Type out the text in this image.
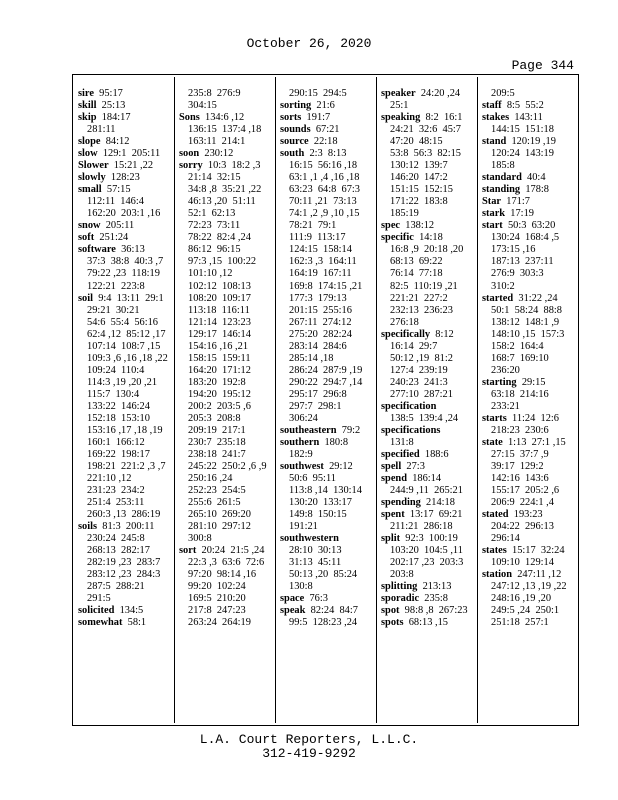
October 26, 2020
Page 344
sire  95:17
skill  25:13
skip  184:17
281:11
slope  84:12
slow  129:1  205:11
Slower  15:21 ,22
slowly  128:23
small  57:15
112:11  146:4
162:20  203:1 ,16
snow  205:11
soft  251:24
software  36:13
37:3  38:8  40:3 ,7
79:22 ,23  118:19
122:21  223:8
soil  9:4  13:11  29:1
29:21  30:21
54:6  55:4  56:16
62:4 ,12  85:12 ,17
107:14  108:7 ,15
109:3 ,6 ,16 ,18 ,22
109:24  110:4
114:3 ,19 ,20 ,21
115:7  130:4
133:22  146:24
152:18  153:10
153:16 ,17 ,18 ,19
160:1  166:12
169:22  198:17
198:21  221:2 ,3 ,7
221:10 ,12
231:23  234:2
251:4  253:11
260:3 ,13  286:19
soils  81:3  200:11
230:24  245:8
268:13  282:17
282:19 ,23  283:7
283:12 ,23  284:3
287:5  288:21
291:5
solicited  134:5
somewhat  58:1
235:8  276:9
304:15
Sons  134:6 ,12
136:15  137:4 ,18
163:11  214:1
soon  230:12
sorry  10:3  18:2 ,3
21:14  32:15
34:8 ,8  35:21 ,22
46:13 ,20  51:11
52:1  62:13
72:23  73:11
78:22  82:4 ,24
86:12  96:15
97:3 ,15  100:22
101:10 ,12
102:12  108:13
108:20  109:17
113:18  116:11
121:14  123:23
129:17  146:14
154:16 ,16 ,21
158:15  159:11
164:20  171:12
183:20  192:8
194:20  195:12
200:2  203:5 ,6
205:3  208:8
209:19  217:1
230:7  235:18
238:18  241:7
245:22  250:2 ,6 ,9
250:16 ,24
252:23  254:5
255:6  261:5
265:10  269:20
281:10  297:12
300:8
sort  20:24  21:5 ,24
22:3 ,3  63:6  72:6
97:20  98:14 ,16
99:20  102:24
169:5  210:20
217:8  247:23
263:24  264:19
290:15  294:5
sorting  21:6
sorts  191:7
sounds  67:21
source  22:18
south  2:3  8:13
16:15  56:16 ,18
63:1 ,1 ,4 ,16 ,18
63:23  64:8  67:3
70:11 ,21  73:13
74:1 ,2 ,9 ,10 ,15
78:21  79:1
111:9  113:17
124:15  158:14
162:3 ,3  164:11
164:19  167:11
169:8  174:15 ,21
177:3  179:13
201:15  255:16
267:11  274:12
275:20  282:24
283:14  284:6
285:14 ,18
286:24  287:9 ,19
290:22  294:7 ,14
295:17  296:8
297:7  298:1
306:24
southeastern  79:2
southern  180:8
182:9
southwest  29:12
50:6  95:11
113:8 ,14  130:14
130:20  133:17
149:8  150:15
191:21
southwestern
28:10  30:13
31:13  45:11
50:13 ,20  85:24
130:8
space  76:3
speak  82:24  84:7
99:5  128:23 ,24
speaker  24:20 ,24
25:1
speaking  8:2  16:1
24:21  32:6  45:7
47:20  48:15
53:8  56:3  82:15
130:12  139:7
146:20  147:2
151:15  152:15
171:22  183:8
185:19
spec  138:12
specific  14:18
16:8 ,9  20:18 ,20
68:13  69:22
76:14  77:18
82:5  110:19 ,21
221:21  227:2
232:13  236:23
276:18
specifically  8:12
16:14  29:7
50:12 ,19  81:2
127:4  239:19
240:23  241:3
277:10  287:21
specification
138:5  139:4 ,24
specifications
131:8
specified  188:6
spell  27:3
spend  186:14
244:9 ,11  265:21
spending  214:18
spent  13:17  69:21
211:21  286:18
split  92:3  100:19
103:20  104:5 ,11
202:17 ,23  203:3
203:8
splitting  213:13
sporadic  235:8
spot  98:8 ,8  267:23
spots  68:13 ,15
209:5
staff  8:5  55:2
stakes  143:11
144:15  151:18
stand  120:19 ,19
120:24  143:19
185:8
standard  40:4
standing  178:8
Star  171:7
stark  17:19
start  50:3  63:20
130:24  168:4 ,5
173:15 ,16
187:13  237:11
276:9  303:3
310:2
started  31:22 ,24
50:1  58:24  88:8
138:12  148:1 ,9
148:10 ,15  157:3
158:2  164:4
168:7  169:10
236:20
starting  29:15
63:18  214:16
233:21
starts  11:24  12:6
218:23  230:6
state  1:13  27:1 ,15
27:15  37:7 ,9
39:17  129:2
142:16  143:6
155:17  205:2 ,6
206:9  224:1 ,4
stated  193:23
204:22  296:13
296:14
states  15:17  32:24
109:10  129:14
station  247:11 ,12
247:12 ,13 ,19 ,22
248:16 ,19 ,20
249:5 ,24  250:1
251:18  257:1
L.A. Court Reporters, L.L.C.
312-419-9292
